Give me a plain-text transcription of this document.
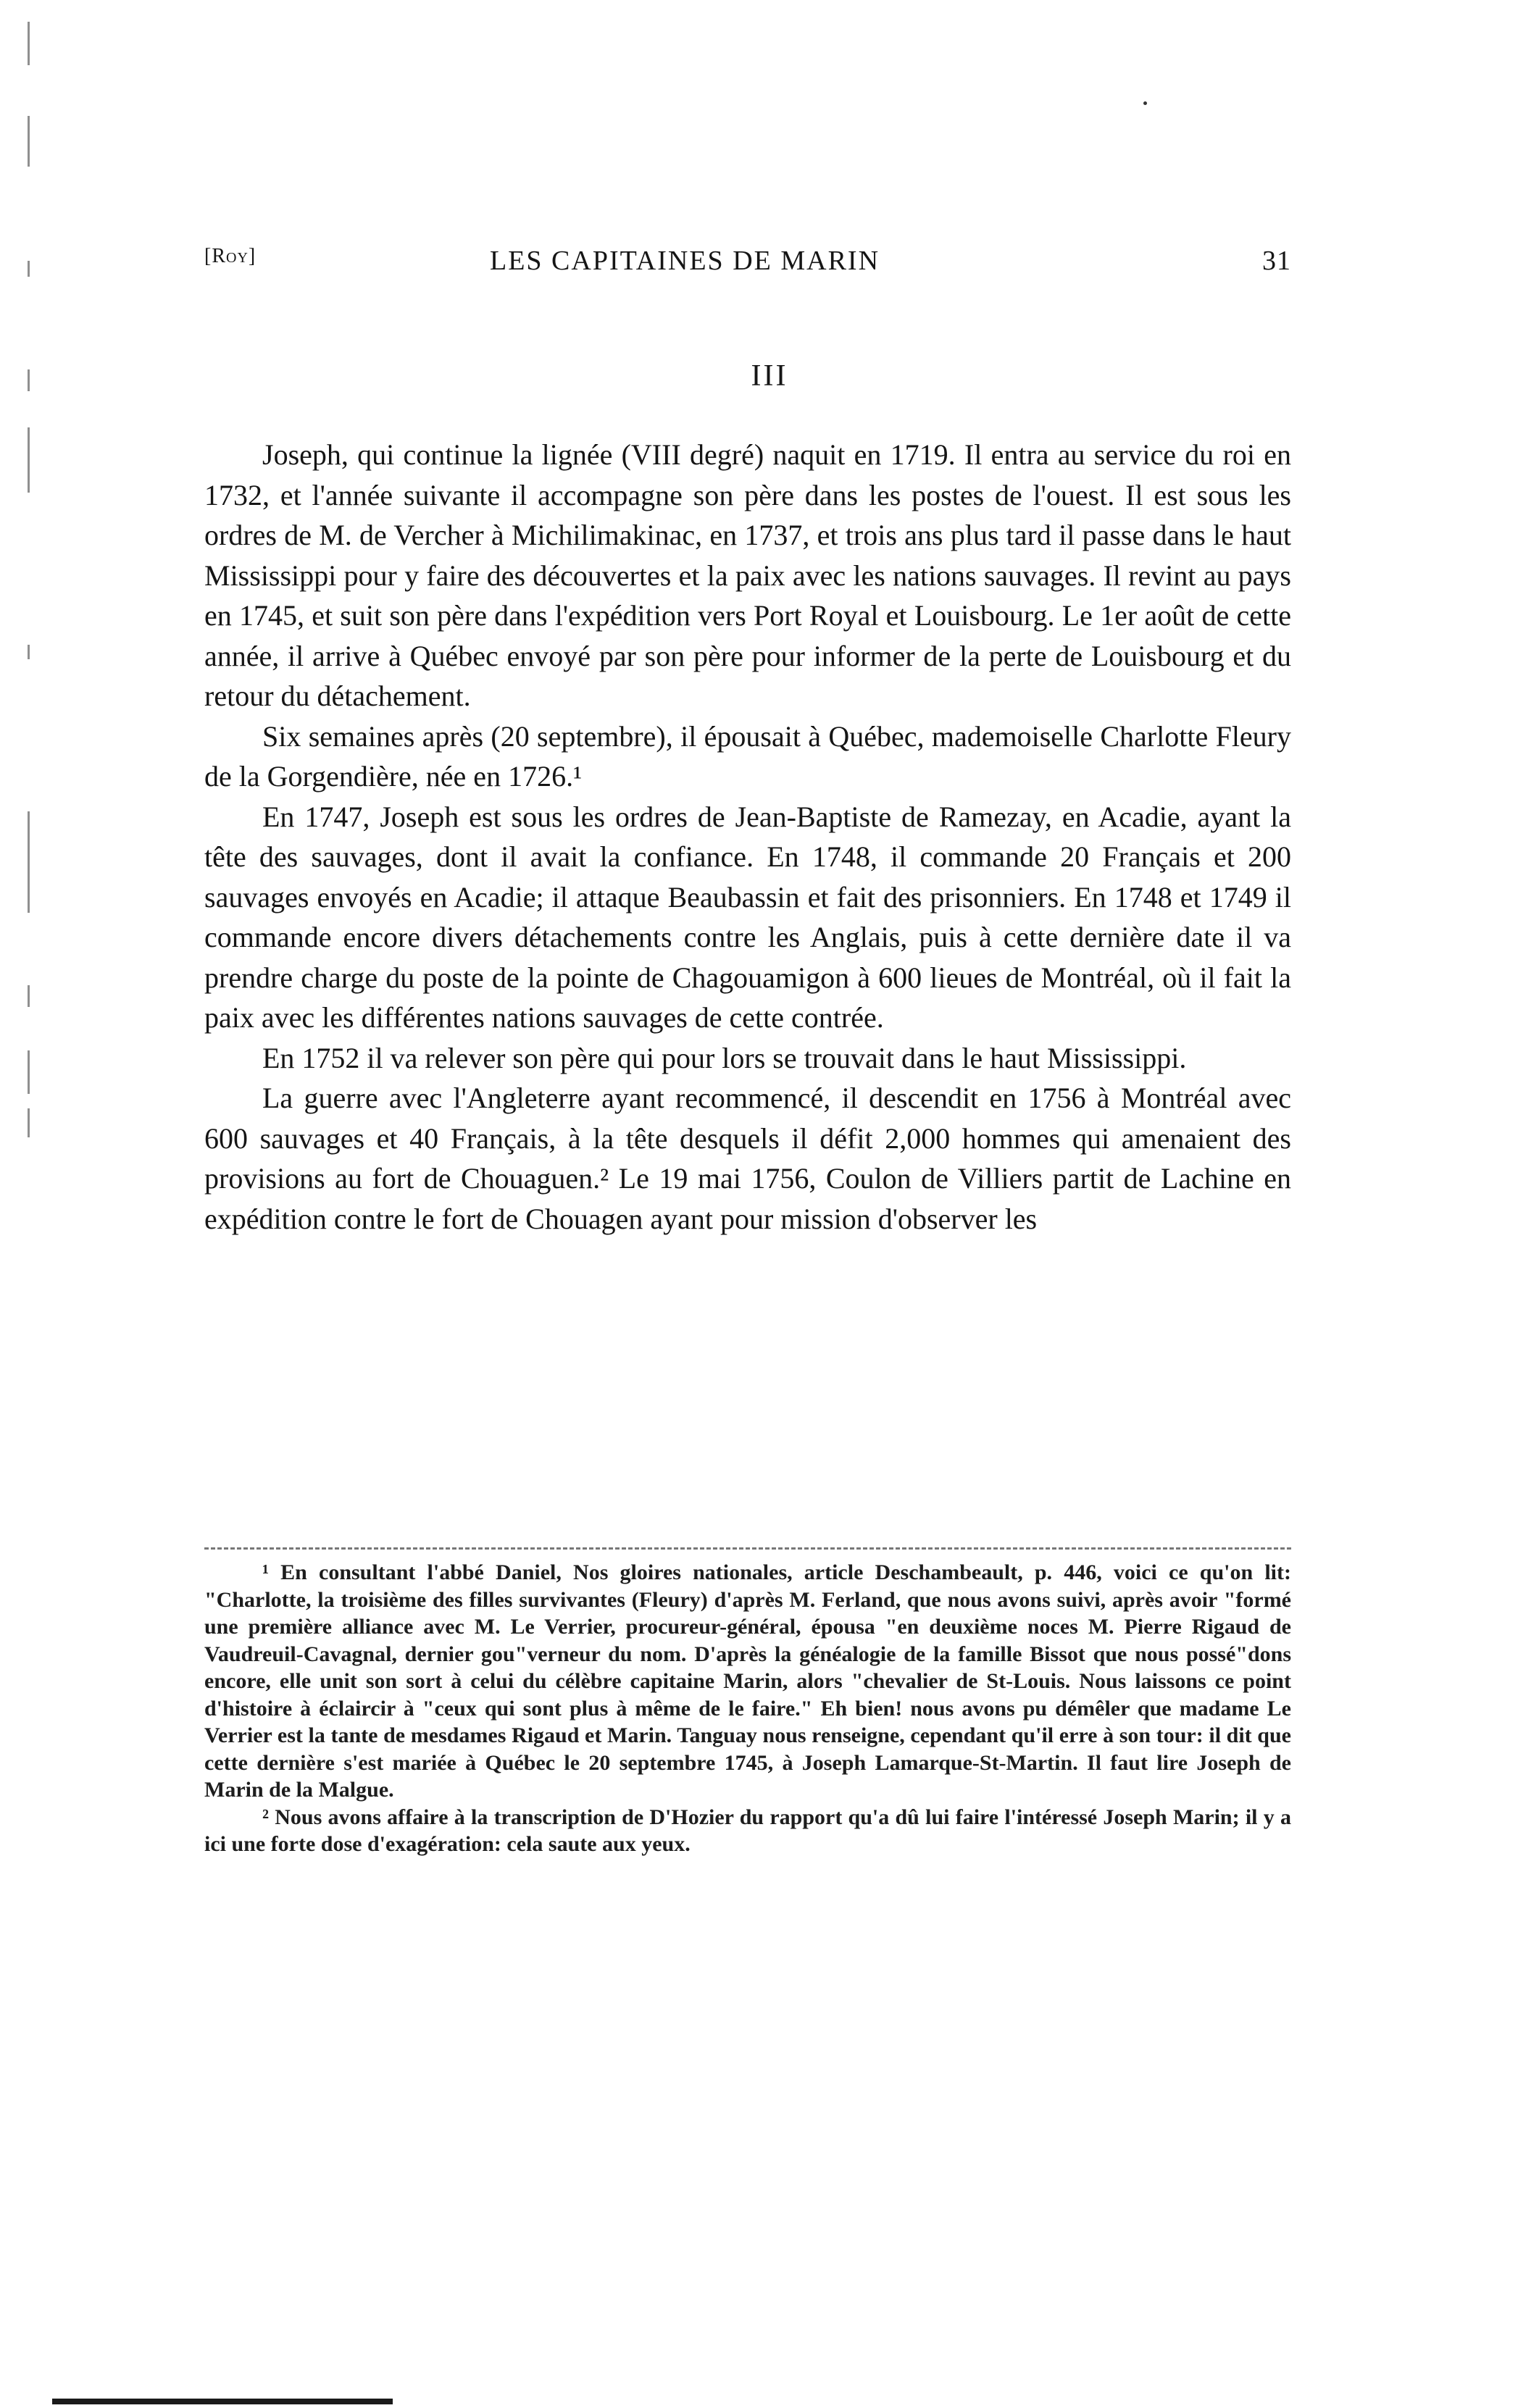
[Roy]	LES CAPITAINES DE MARIN	31
III

Joseph, qui continue la lignée (VIII degré) naquit en 1719. Il entra au service du roi en 1732, et l'année suivante il accompagne son père dans les postes de l'ouest. Il est sous les ordres de M. de Vercher à Michilimakinac, en 1737, et trois ans plus tard il passe dans le haut Mississippi pour y faire des découvertes et la paix avec les nations sauvages. Il revint au pays en 1745, et suit son père dans l'expédition vers Port Royal et Louisbourg. Le 1er août de cette année, il arrive à Québec envoyé par son père pour informer de la perte de Louisbourg et du retour du détachement.

Six semaines après (20 septembre), il épousait à Québec, mademoiselle Charlotte Fleury de la Gorgendière, née en 1726.¹

En 1747, Joseph est sous les ordres de Jean-Baptiste de Ramezay, en Acadie, ayant la tête des sauvages, dont il avait la confiance. En 1748, il commande 20 Français et 200 sauvages envoyés en Acadie; il attaque Beaubassin et fait des prisonniers. En 1748 et 1749 il commande encore divers détachements contre les Anglais, puis à cette dernière date il va prendre charge du poste de la pointe de Chagouamigon à 600 lieues de Montréal, où il fait la paix avec les différentes nations sauvages de cette contrée.

En 1752 il va relever son père qui pour lors se trouvait dans le haut Mississippi.

La guerre avec l'Angleterre ayant recommencé, il descendit en 1756 à Montréal avec 600 sauvages et 40 Français, à la tête desquels il défit 2,000 hommes qui amenaient des provisions au fort de Chouaguen.² Le 19 mai 1756, Coulon de Villiers partit de Lachine en expédition contre le fort de Chouagen ayant pour mission d'observer les

¹ En consultant l'abbé Daniel, Nos gloires nationales, article Deschambeault, p. 446, voici ce qu'on lit: "Charlotte, la troisième des filles survivantes (Fleury) d'après M. Ferland, que nous avons suivi, après avoir "formé une première alliance avec M. Le Verrier, procureur-général, épousa "en deuxième noces M. Pierre Rigaud de Vaudreuil-Cavagnal, dernier gou"verneur du nom. D'après la généalogie de la famille Bissot que nous possé"dons encore, elle unit son sort à celui du célèbre capitaine Marin, alors "chevalier de St-Louis. Nous laissons ce point d'histoire à éclaircir à "ceux qui sont plus à même de le faire." Eh bien! nous avons pu démêler que madame Le Verrier est la tante de mesdames Rigaud et Marin. Tanguay nous renseigne, cependant qu'il erre à son tour: il dit que cette dernière s'est mariée à Québec le 20 septembre 1745, à Joseph Lamarque-St-Martin. Il faut lire Joseph de Marin de la Malgue.

² Nous avons affaire à la transcription de D'Hozier du rapport qu'a dû lui faire l'intéressé Joseph Marin; il y a ici une forte dose d'exagération: cela saute aux yeux.
